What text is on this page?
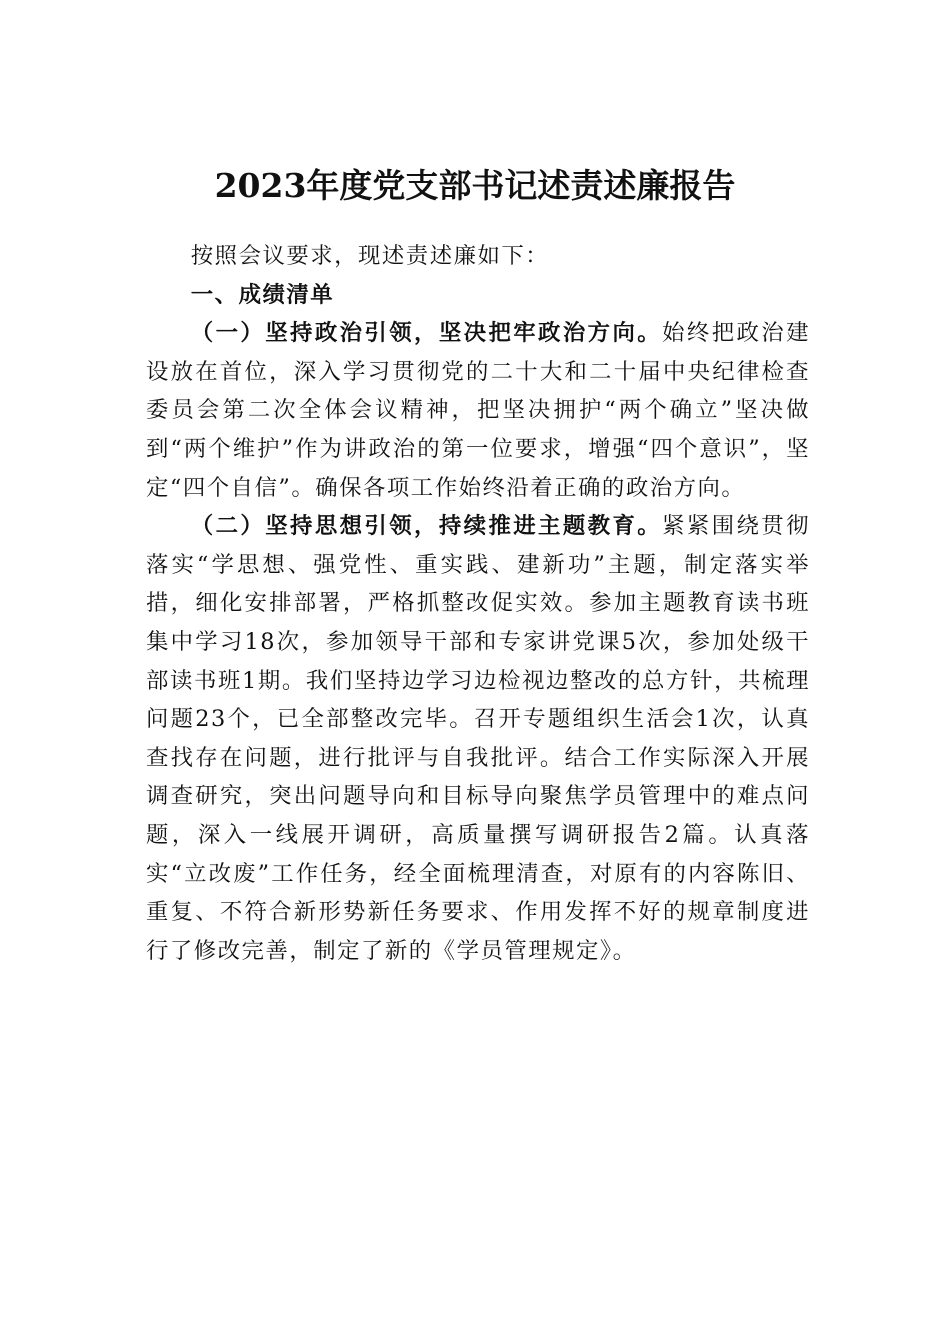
2023年度党支部书记述责述廉报告

按照会议要求，现述责述廉如下：

一、成绩清单

（一）坚持政治引领，坚决把牢政治方向。始终把政治建设放在首位，深入学习贯彻党的二十大和二十届中央纪律检查委员会第二次全体会议精神，把坚决拥护“两个确立”坚决做到“两个维护”作为讲政治的第一位要求，增强“四个意识”，坚定“四个自信”。确保各项工作始终沿着正确的政治方向。

（二）坚持思想引领，持续推进主题教育。紧紧围绕贯彻落实“学思想、强党性、重实践、建新功”主题，制定落实举措，细化安排部署，严格抓整改促实效。参加主题教育读书班集中学习18次，参加领导干部和专家讲党课5次，参加处级干部读书班1期。我们坚持边学习边检视边整改的总方针，共梳理问题23个，已全部整改完毕。召开专题组织生活会1次，认真查找存在问题，进行批评与自我批评。结合工作实际深入开展调查研究，突出问题导向和目标导向聚焦学员管理中的难点问题，深入一线展开调研，高质量撰写调研报告2篇。认真落实“立改废”工作任务，经全面梳理清查，对原有的内容陈旧、重复、不符合新形势新任务要求、作用发挥不好的规章制度进行了修改完善，制定了新的《学员管理规定》。
